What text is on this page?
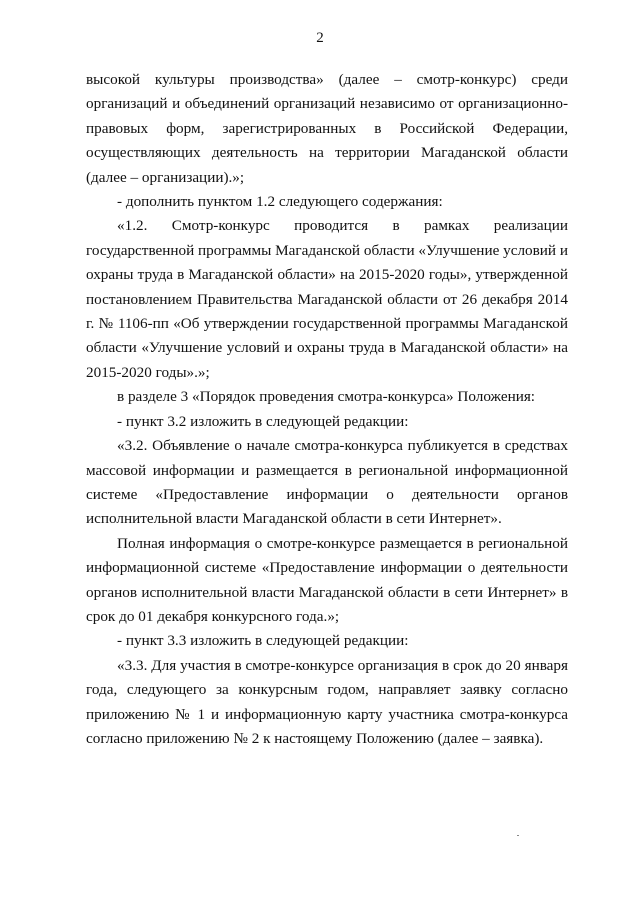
2

высокой культуры производства» (далее – смотр-конкурс) среди организаций и объединений организаций независимо от организационно-правовых форм, зарегистрированных в Российской Федерации, осуществляющих деятельность на территории Магаданской области (далее – организации).»;

- дополнить пунктом 1.2 следующего содержания:

«1.2. Смотр-конкурс проводится в рамках реализации государственной программы Магаданской области «Улучшение условий и охраны труда в Магаданской области» на 2015-2020 годы», утвержденной постановлением Правительства Магаданской области от 26 декабря 2014 г. № 1106-пп «Об утверждении государственной программы Магаданской области «Улучшение условий и охраны труда в Магаданской области» на 2015-2020 годы».»;

в разделе 3 «Порядок проведения смотра-конкурса» Положения:

- пункт 3.2 изложить в следующей редакции:

«3.2. Объявление о начале смотра-конкурса публикуется в средствах массовой информации и размещается в региональной информационной системе «Предоставление информации о деятельности органов исполнительной власти Магаданской области в сети Интернет».

Полная информация о смотре-конкурсе размещается в региональной информационной системе «Предоставление информации о деятельности органов исполнительной власти Магаданской области в сети Интернет» в срок до 01 декабря конкурсного года.»;

- пункт 3.3 изложить в следующей редакции:

«3.3. Для участия в смотре-конкурсе организация в срок до 20 января года, следующего за конкурсным годом, направляет заявку согласно приложению № 1 и информационную карту участника смотра-конкурса согласно приложению № 2 к настоящему Положению (далее – заявка).
